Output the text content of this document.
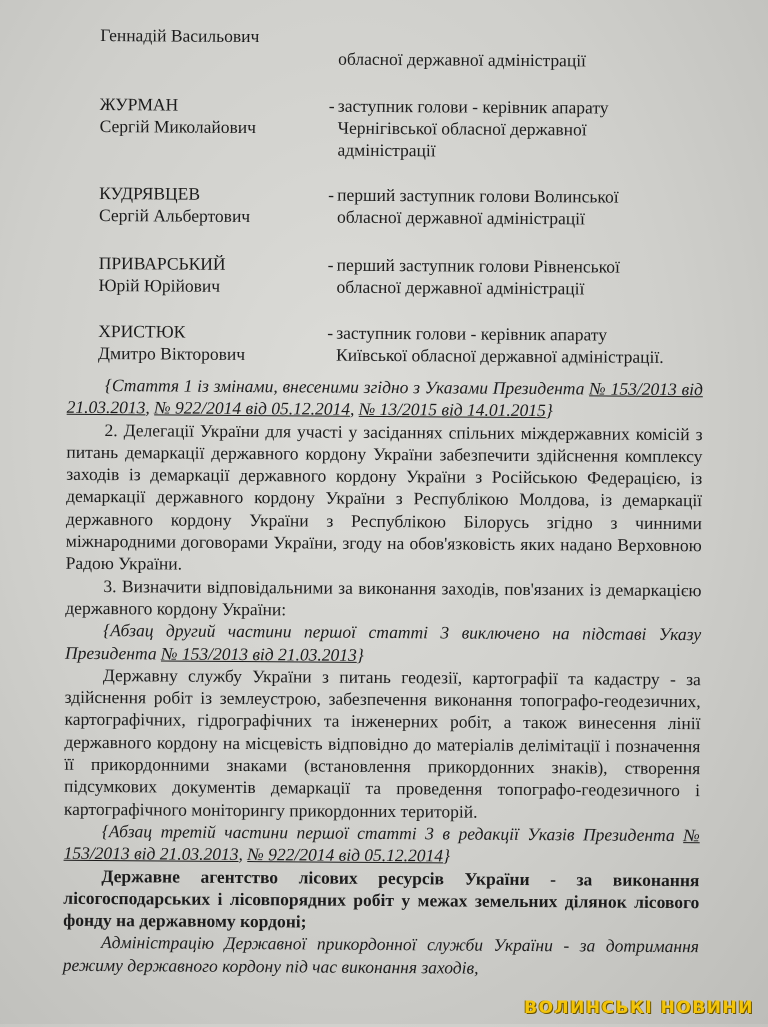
Геннадій Васильович
обласної державної адміністрації
ЖУРМАН
Сергій Миколайович
- заступник голови - керівник апарату
Чернігівської обласної державної
адміністрації
КУДРЯВЦЕВ
Сергій Альбертович
- перший заступник голови Волинської
обласної державної адміністрації
ПРИВАРСЬКИЙ
Юрій Юрійович
- перший заступник голови Рівненської
обласної державної адміністрації
ХРИСТЮК
Дмитро Вікторович
- заступник голови - керівник апарату
Київської обласної державної адміністрації.

{Стаття 1 із змінами, внесеними згідно з Указами Президента № 153/2013 від 21.03.2013, № 922/2014 від 05.12.2014, № 13/2015 від 14.01.2015}

2. Делегації України для участі у засіданнях спільних міждержавних комісій з питань демаркації державного кордону України забезпечити здійснення комплексу заходів із демаркації державного кордону України з Російською Федерацією, із демаркації державного кордону України з Республікою Молдова, із демаркації державного кордону України з Республікою Білорусь згідно з чинними міжнародними договорами України, згоду на обов'язковість яких надано Верховною Радою України.

3. Визначити відповідальними за виконання заходів, пов'язаних із демаркацією державного кордону України:

{Абзац другий частини першої статті 3 виключено на підставі Указу Президента № 153/2013 від 21.03.2013}

Державну службу України з питань геодезії, картографії та кадастру - за здійснення робіт із землеустрою, забезпечення виконання топографо-геодезичних, картографічних, гідрографічних та інженерних робіт, а також винесення лінії державного кордону на місцевість відповідно до матеріалів делімітації і позначення її прикордонними знаками (встановлення прикордонних знаків), створення підсумкових документів демаркації та проведення топографо-геодезичного і картографічного моніторингу прикордонних територій.

{Абзац третій частини першої статті 3 в редакції Указів Президента № 153/2013 від 21.03.2013, № 922/2014 від 05.12.2014}

Державне агентство лісових ресурсів України - за виконання лісогосподарських і лісовпорядних робіт у межах земельних ділянок лісового фонду на державному кордоні;

Адміністрацію Державної прикордонної служби України - за дотримання режиму державного кордону під час виконання заходів,

ВОЛИНСЬКІ НОВИНИ
